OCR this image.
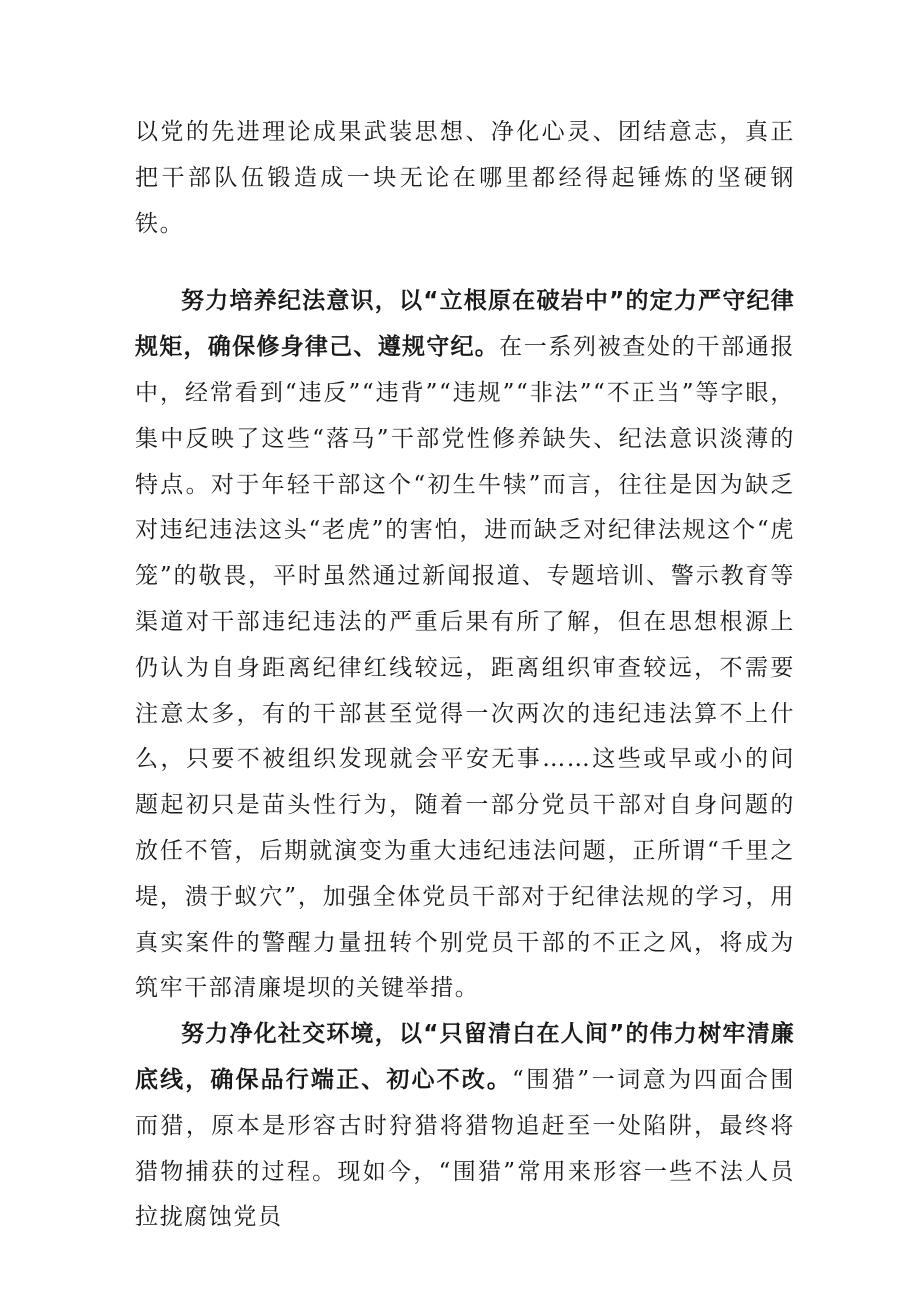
以党的先进理论成果武装思想、净化心灵、团结意志，真正把干部队伍锻造成一块无论在哪里都经得起锤炼的坚硬钢铁。

努力培养纪法意识，以“立根原在破岩中”的定力严守纪律规矩，确保修身律己、遵规守纪。在一系列被查处的干部通报中，经常看到“违反”“违背”“违规”“非法”“不正当”等字眼，集中反映了这些“落马”干部党性修养缺失、纪法意识淡薄的特点。对于年轻干部这个“初生牛犊”而言，往往是因为缺乏对违纪违法这头“老虎”的害怕，进而缺乏对纪律法规这个“虎笼”的敬畏，平时虽然通过新闻报道、专题培训、警示教育等渠道对干部违纪违法的严重后果有所了解，但在思想根源上仍认为自身距离纪律红线较远，距离组织审查较远，不需要注意太多，有的干部甚至觉得一次两次的违纪违法算不上什么，只要不被组织发现就会平安无事……这些或早或小的问题起初只是苗头性行为，随着一部分党员干部对自身问题的放任不管，后期就演变为重大违纪违法问题，正所谓“千里之堤，溃于蚁穴”，加强全体党员干部对于纪律法规的学习，用真实案件的警醒力量扭转个别党员干部的不正之风，将成为筑牢干部清廉堤坝的关键举措。

努力净化社交环境，以“只留清白在人间”的伟力树牢清廉底线，确保品行端正、初心不改。“围猎”一词意为四面合围而猎，原本是形容古时狩猎将猎物追赶至一处陷阱，最终将猎物捕获的过程。现如今，“围猎”常用来形容一些不法人员拉拢腐蚀党员
